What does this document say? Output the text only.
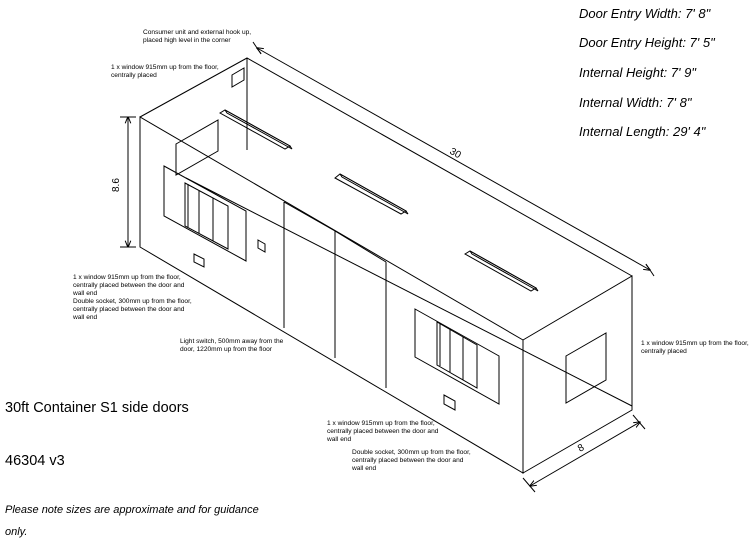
30
8.6
8
Door Entry Width: 7' 8"
Door Entry Height: 7' 5"
Internal Height: 7' 9"
Internal Width: 7' 8"
Internal Length: 29' 4"
Consumer unit and external hook up,
placed high level in the corner
1 x window 915mm up from the floor,
centrally placed
1 x window 915mm up from the floor,
centrally placed between the door and
wall end
Double socket, 300mm up from the floor,
centrally placed between the door and
wall end
Light switch, 500mm away from the
door, 1220mm up from the floor
1 x window 915mm up from the floor,
centrally placed
1 x window 915mm up from the floor,
centrally placed between the door and
wall end
Double socket, 300mm up from the floor,
centrally placed between the door and
wall end
30ft Container S1 side doors
46304 v3
Please note sizes are approximate and for guidance
only.
